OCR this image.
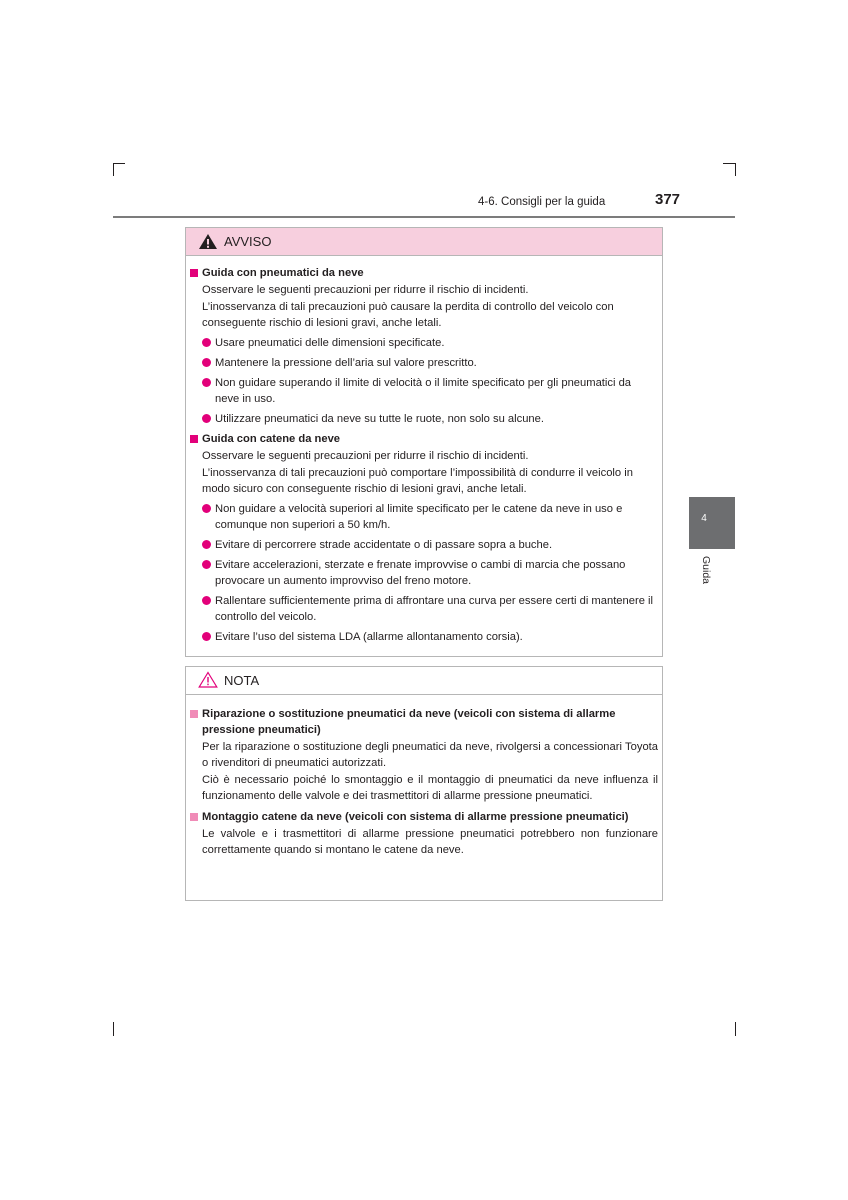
4-6. Consigli per la guida	377
4
Guida
AVVISO
Guida con pneumatici da neve
Osservare le seguenti precauzioni per ridurre il rischio di incidenti.
L’inosservanza di tali precauzioni può causare la perdita di controllo del veicolo con conseguente rischio di lesioni gravi, anche letali.
Usare pneumatici delle dimensioni specificate.
Mantenere la pressione dell’aria sul valore prescritto.
Non guidare superando il limite di velocità o il limite specificato per gli pneumatici da neve in uso.
Utilizzare pneumatici da neve su tutte le ruote, non solo su alcune.
Guida con catene da neve
Osservare le seguenti precauzioni per ridurre il rischio di incidenti.
L’inosservanza di tali precauzioni può comportare l’impossibilità di condurre il veicolo in modo sicuro con conseguente rischio di lesioni gravi, anche letali.
Non guidare a velocità superiori al limite specificato per le catene da neve in uso e comunque non superiori a 50 km/h.
Evitare di percorrere strade accidentate o di passare sopra a buche.
Evitare accelerazioni, sterzate e frenate improvvise o cambi di marcia che possano provocare un aumento improvviso del freno motore.
Rallentare sufficientemente prima di affrontare una curva per essere certi di mantenere il controllo del veicolo.
Evitare l’uso del sistema LDA (allarme allontanamento corsia).
NOTA
Riparazione o sostituzione pneumatici da neve (veicoli con sistema di allarme pressione pneumatici)
Per la riparazione o sostituzione degli pneumatici da neve, rivolgersi a concessionari Toyota o rivenditori di pneumatici autorizzati.
Ciò è necessario poiché lo smontaggio e il montaggio di pneumatici da neve influenza il funzionamento delle valvole e dei trasmettitori di allarme pressione pneumatici.
Montaggio catene da neve (veicoli con sistema di allarme pressione pneumatici)
Le valvole e i trasmettitori di allarme pressione pneumatici potrebbero non funzionare correttamente quando si montano le catene da neve.
